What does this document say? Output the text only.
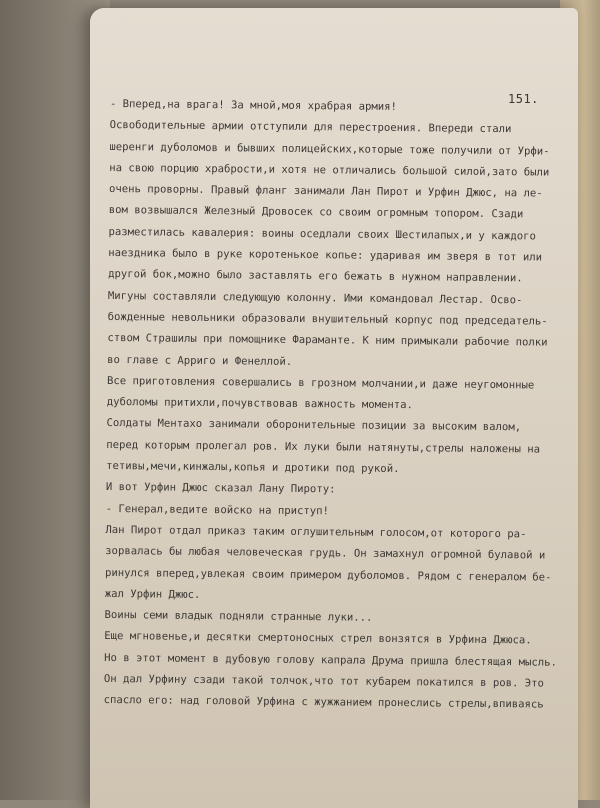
151.

- Вперед,на врага! За мной,моя храбрая армия!

Освободительные армии отступили для перестроения. Впереди стали

шеренги дуболомов и бывших полицейских,которые тоже получили от Урфи-

на свою порцию храбрости,и хотя не отличались большой силой,зато были

очень проворны. Правый фланг занимали Лан Пирот и Урфин Джюс, на ле-

вом возвышался Железный Дровосек со своим огромным топором. Сзади

разместилась кавалерия: воины оседлали своих Шестилапых,и у каждого

наездника было в руке коротенькое копье: ударивая им зверя в тот или

другой бок,можно было заставлять его бежать в нужном направлении.

Мигуны составляли следующую колонну. Ими командовал Лестар. Осво-

божденные невольники образовали внушительный корпус под председатель-

ством Страшилы при помощнике Фараманте. К ним примыкали рабочие полки

во главе с Арриго и Фенеллой.

Все приготовления совершались в грозном молчании,и даже неугомонные

дуболомы притихли,почувствовав важность момента.

Солдаты Ментахо занимали оборонительные позиции за высоким валом,

перед которым пролегал ров. Их луки были натянуты,стрелы наложены на

тетивы,мечи,кинжалы,копья и дротики под рукой.

И вот Урфин Джюс сказал Лану Пироту:

- Генерал,ведите войско на приступ!

Лан Пирот отдал приказ таким оглушительным голосом,от которого ра-

зорвалась бы любая человеческая грудь. Он замахнул огромной булавой и

ринулся вперед,увлекая своим примером дуболомов. Рядом с генералом бе-

жал Урфин Джюс.

Воины семи владык подняли странные луки...

Еще мгновенье,и десятки смертоносных стрел вонзятся в Урфина Джюса.

Но в этот момент в дубовую голову капрала Друма пришла блестящая мысль.

Он дал Урфину сзади такой толчок,что тот кубарем покатился в ров. Это

спасло его: над головой Урфина с жужжанием пронеслись стрелы,впиваясь
